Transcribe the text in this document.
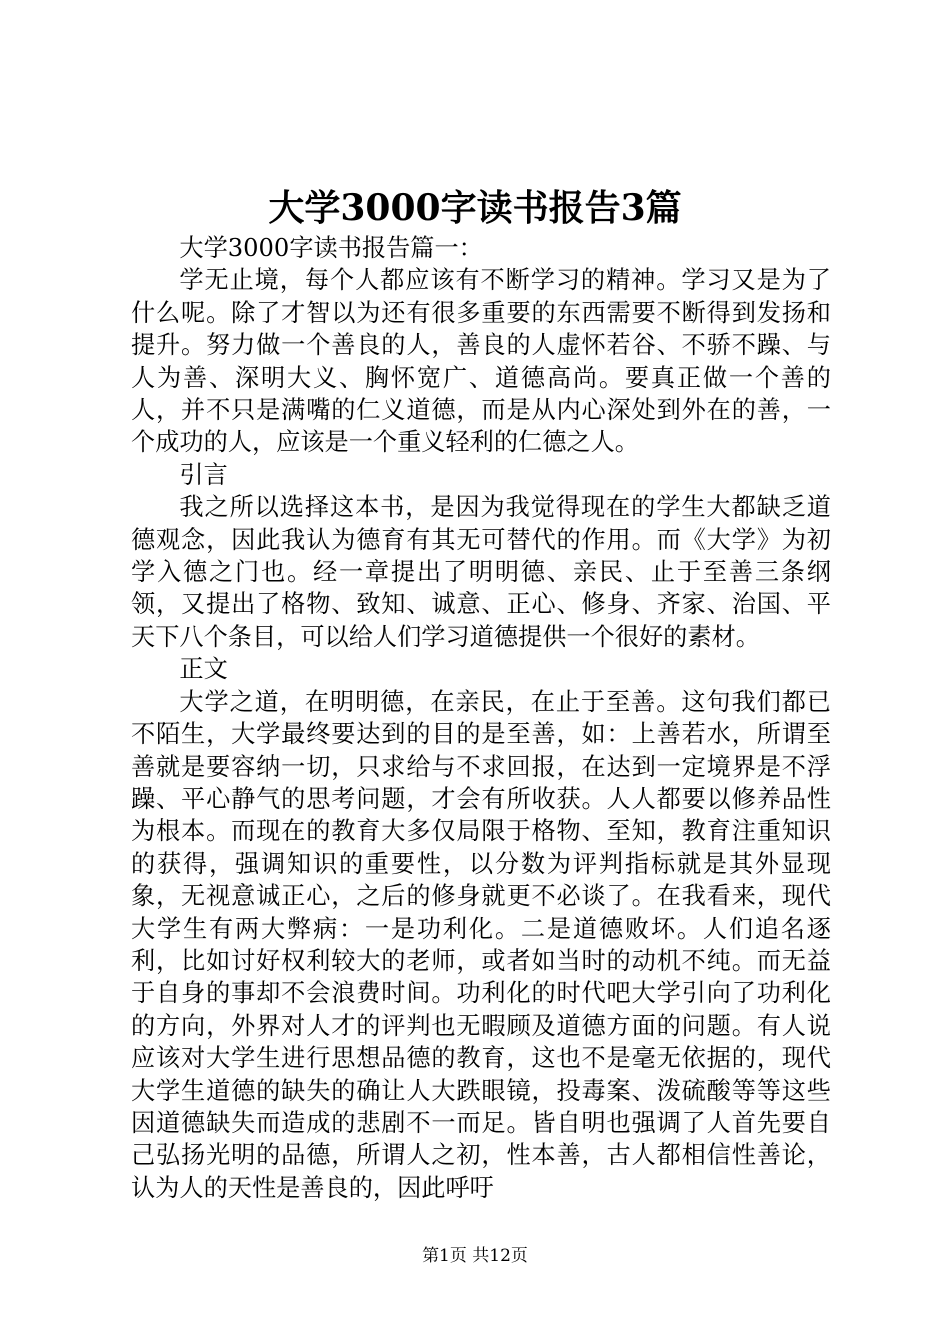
大学3000字读书报告3篇

大学3000字读书报告篇一：

学无止境，每个人都应该有不断学习的精神。学习又是为了什么呢。除了才智以为还有很多重要的东西需要不断得到发扬和提升。努力做一个善良的人，善良的人虚怀若谷、不骄不躁、与人为善、深明大义、胸怀宽广、道德高尚。要真正做一个善的人，并不只是满嘴的仁义道德，而是从内心深处到外在的善，一个成功的人，应该是一个重义轻利的仁德之人。

引言

我之所以选择这本书，是因为我觉得现在的学生大都缺乏道德观念，因此我认为德育有其无可替代的作用。而《大学》为初学入德之门也。经一章提出了明明德、亲民、止于至善三条纲领，又提出了格物、致知、诚意、正心、修身、齐家、治国、平天下八个条目，可以给人们学习道德提供一个很好的素材。

正文

大学之道，在明明德，在亲民，在止于至善。这句我们都已不陌生，大学最终要达到的目的是至善，如：上善若水，所谓至善就是要容纳一切，只求给与不求回报，在达到一定境界是不浮躁、平心静气的思考问题，才会有所收获。人人都要以修养品性为根本。而现在的教育大多仅局限于格物、至知，教育注重知识的获得，强调知识的重要性，以分数为评判指标就是其外显现象，无视意诚正心，之后的修身就更不必谈了。在我看来，现代大学生有两大弊病：一是功利化。二是道德败坏。人们追名逐利，比如讨好权利较大的老师，或者如当时的动机不纯。而无益于自身的事却不会浪费时间。功利化的时代吧大学引向了功利化的方向，外界对人才的评判也无暇顾及道德方面的问题。有人说应该对大学生进行思想品德的教育，这也不是毫无依据的，现代大学生道德的缺失的确让人大跌眼镜，投毒案、泼硫酸等等这些因道德缺失而造成的悲剧不一而足。皆自明也强调了人首先要自己弘扬光明的品德，所谓人之初，性本善，古人都相信性善论，认为人的天性是善良的，因此呼吁

第1页 共12页
